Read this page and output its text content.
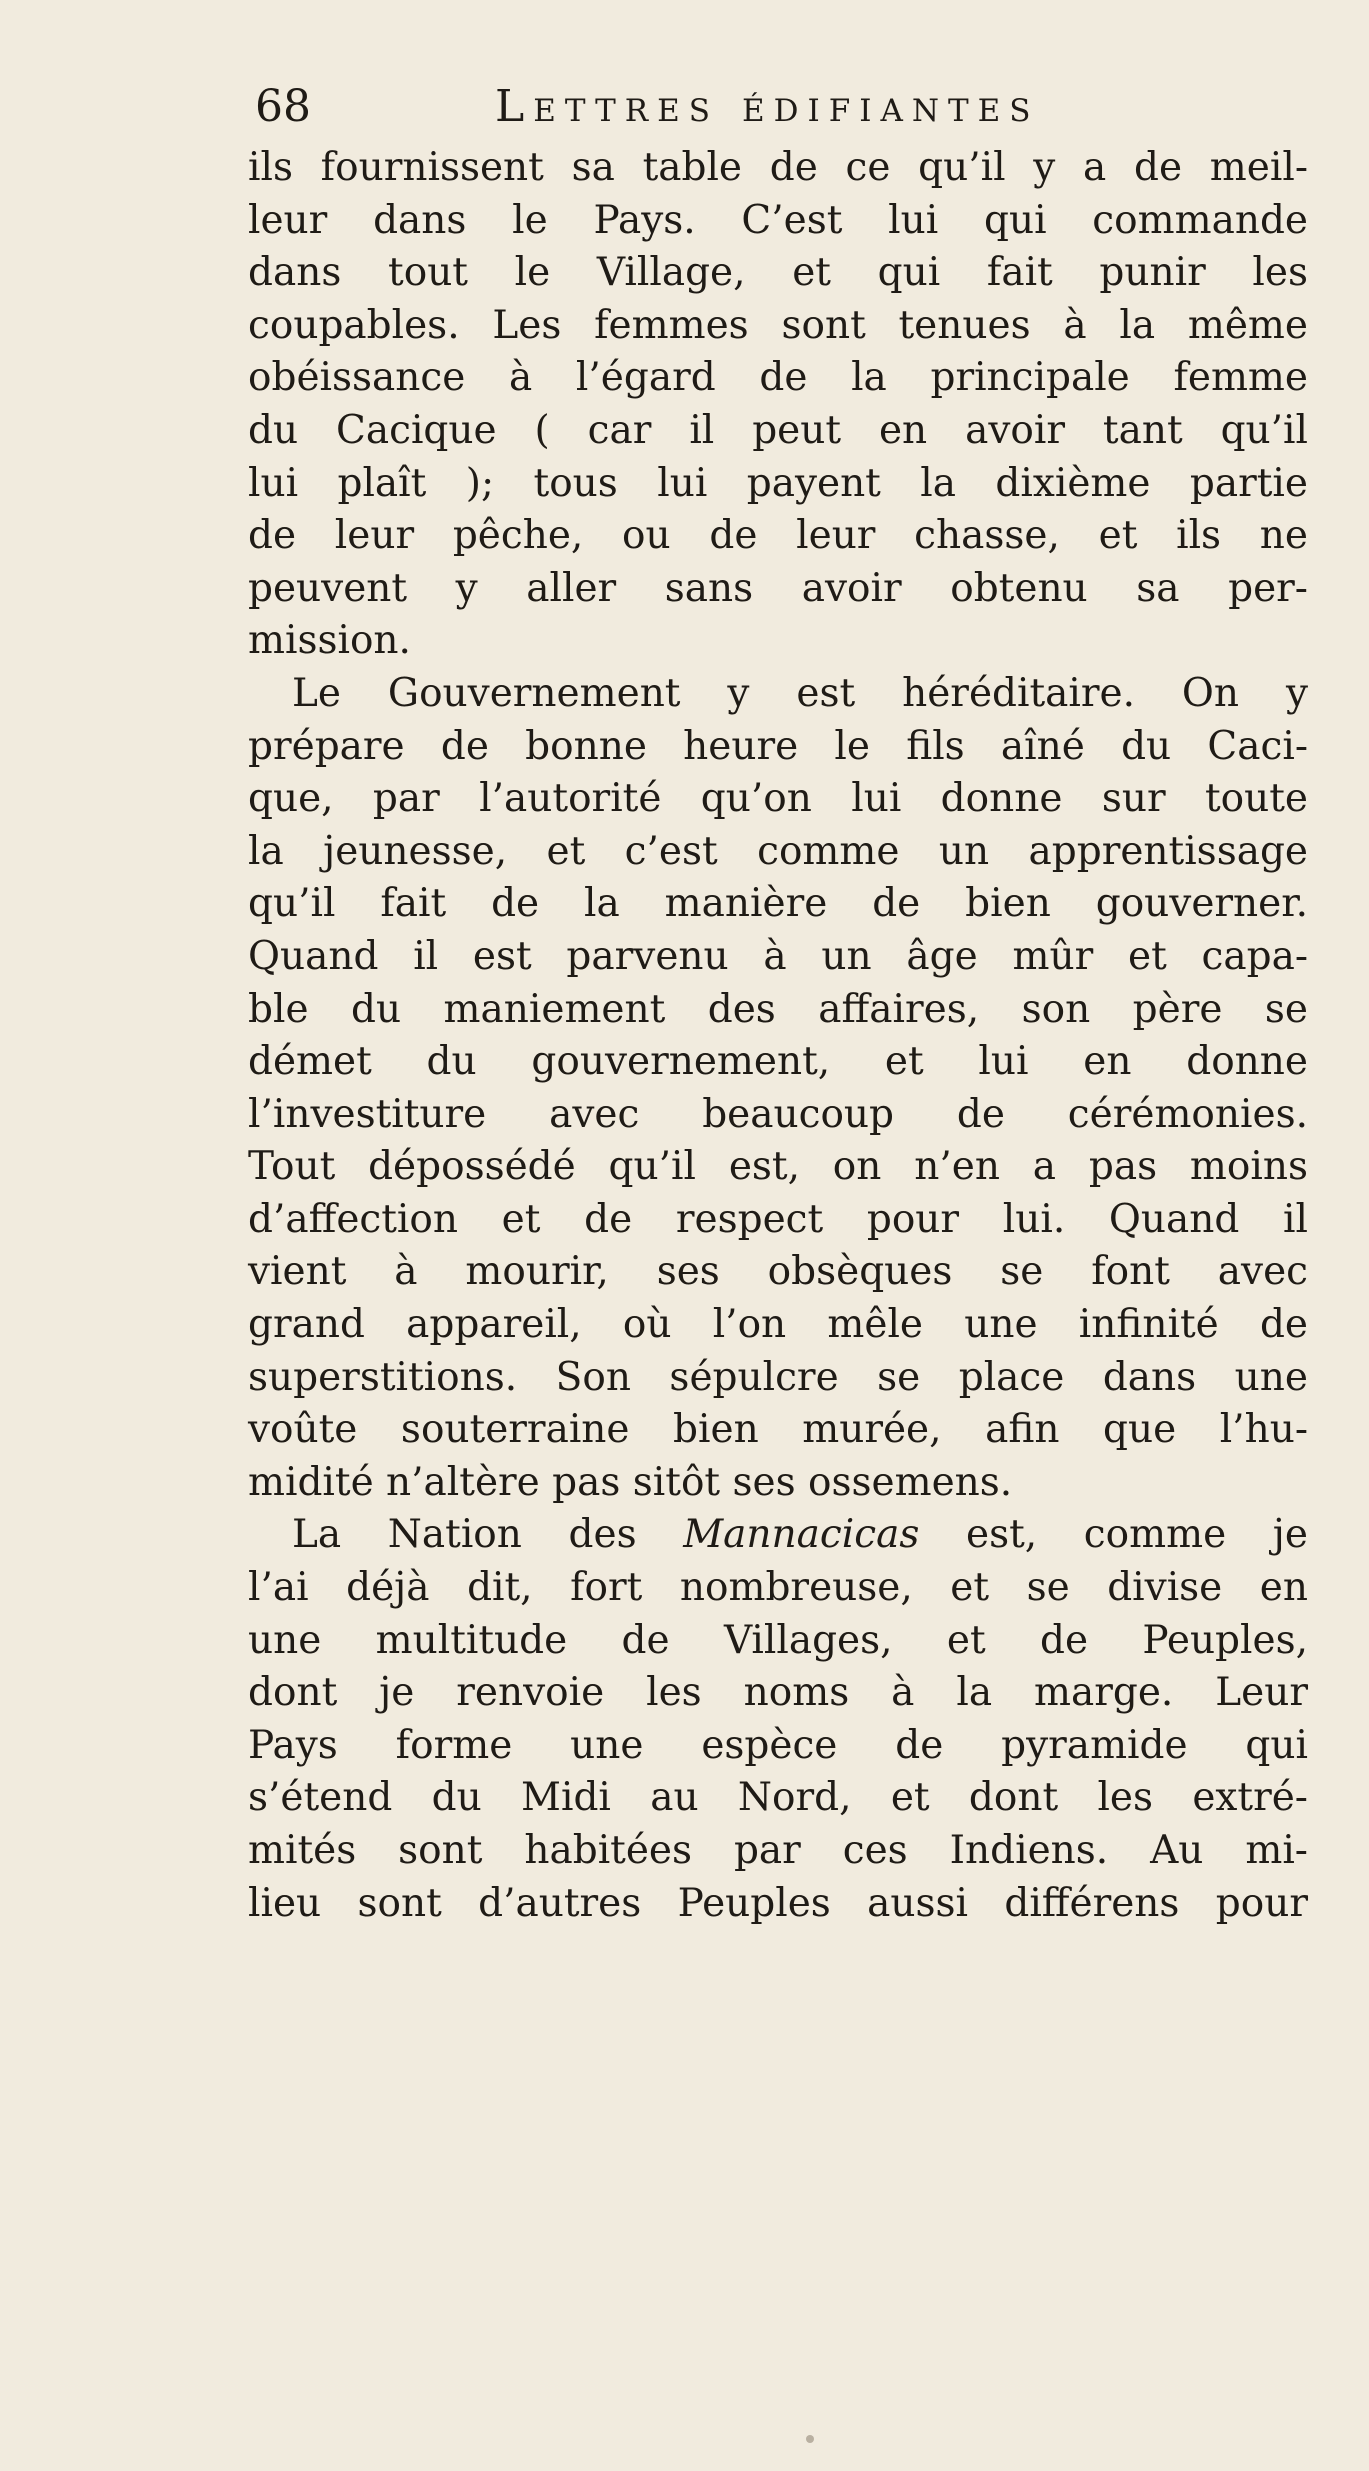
68	Lettres édifiantes
ils fournissent sa table de ce qu’il y a de meil-
leur dans le Pays. C’est lui qui commande
dans tout le Village, et qui fait punir les
coupables. Les femmes sont tenues à la même
obéissance à l’égard de la principale femme
du Cacique ( car il peut en avoir tant qu’il
lui plaît ); tous lui payent la dixième partie
de leur pêche, ou de leur chasse, et ils ne
peuvent y aller sans avoir obtenu sa per-
mission.
Le Gouvernement y est héréditaire. On y
prépare de bonne heure le fils aîné du Caci-
que, par l’autorité qu’on lui donne sur toute
la jeunesse, et c’est comme un apprentissage
qu’il fait de la manière de bien gouverner.
Quand il est parvenu à un âge mûr et capa-
ble du maniement des affaires, son père se
démet du gouvernement, et lui en donne
l’investiture avec beaucoup de cérémonies.
Tout dépossédé qu’il est, on n’en a pas moins
d’affection et de respect pour lui. Quand il
vient à mourir, ses obsèques se font avec
grand appareil, où l’on mêle une infinité de
superstitions. Son sépulcre se place dans une
voûte souterraine bien murée, afin que l’hu-
midité n’altère pas sitôt ses ossemens.
La Nation des Mannacicas est, comme je
l’ai déjà dit, fort nombreuse, et se divise en
une multitude de Villages, et de Peuples,
dont je renvoie les noms à la marge. Leur
Pays forme une espèce de pyramide qui
s’étend du Midi au Nord, et dont les extré-
mités sont habitées par ces Indiens. Au mi-
lieu sont d’autres Peuples aussi différens pour
